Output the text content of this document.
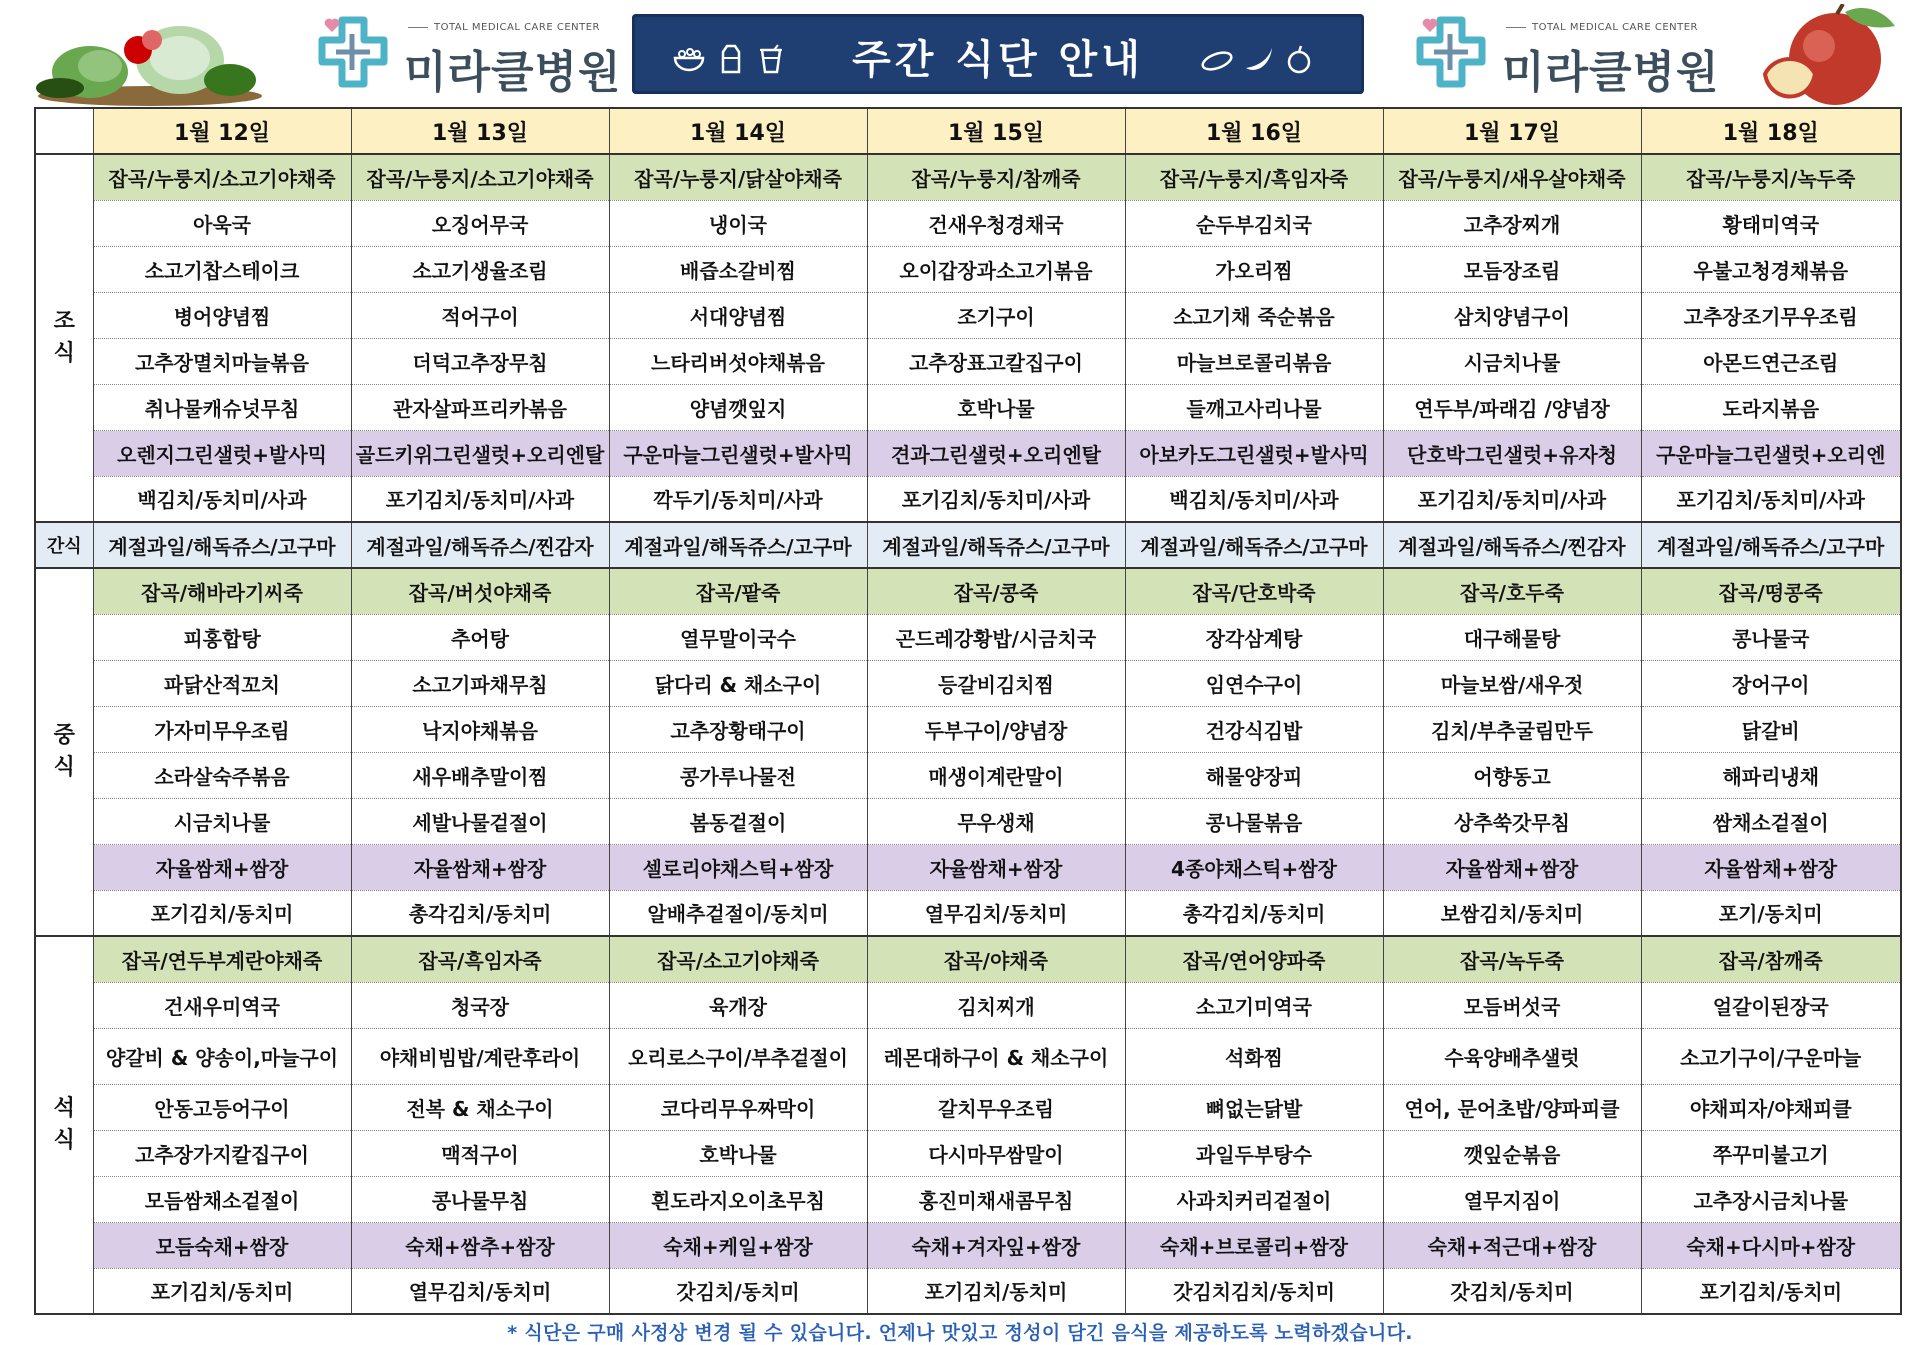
TOTAL MEDICAL CARE CENTER
미라클병원	주간 식단 안내
TOTAL MEDICAL CARE CENTER
미라클병원
	1월 12일	1월 13일	1월 14일	1월 15일	1월 16일	1월 17일	1월 18일
조
식	잡곡/누룽지/소고기야채죽	잡곡/누룽지/소고기야채죽	잡곡/누룽지/닭살야채죽	잡곡/누룽지/참깨죽	잡곡/누룽지/흑임자죽	잡곡/누룽지/새우살야채죽	잡곡/누룽지/녹두죽
	아욱국	오징어무국	냉이국	건새우청경채국	순두부김치국	고추장찌개	황태미역국
	소고기찹스테이크	소고기생율조림	배즙소갈비찜	오이갑장과소고기볶음	가오리찜	모듬장조림	우불고청경채볶음
	병어양념찜	적어구이	서대양념찜	조기구이	소고기채 죽순볶음	삼치양념구이	고추장조기무우조림
	고추장멸치마늘볶음	더덕고추장무침	느타리버섯야채볶음	고추장표고칼집구이	마늘브로콜리볶음	시금치나물	아몬드연근조림
	취나물캐슈넛무침	관자살파프리카볶음	양념깻잎지	호박나물	들깨고사리나물	연두부/파래김 /양념장	도라지볶음
	오렌지그린샐럿+발사믹	골드키위그린샐럿+오리엔탈	구운마늘그린샐럿+발사믹	견과그린샐럿+오리엔탈	아보카도그린샐럿+발사믹	단호박그린샐럿+유자청	구운마늘그린샐럿+오리엔
	백김치/동치미/사과	포기김치/동치미/사과	깍두기/동치미/사과	포기김치/동치미/사과	백김치/동치미/사과	포기김치/동치미/사과	포기김치/동치미/사과
간식	계절과일/해독쥬스/고구마	계절과일/해독쥬스/찐감자	계절과일/해독쥬스/고구마	계절과일/해독쥬스/고구마	계절과일/해독쥬스/고구마	계절과일/해독쥬스/찐감자	계절과일/해독쥬스/고구마
중
식	잡곡/해바라기씨죽	잡곡/버섯야채죽	잡곡/팥죽	잡곡/콩죽	잡곡/단호박죽	잡곡/호두죽	잡곡/떵콩죽
	피홍합탕	추어탕	열무말이국수	곤드레강황밥/시금치국	장각삼계탕	대구해물탕	콩나물국
	파닭산적꼬치	소고기파채무침	닭다리 & 채소구이	등갈비김치찜	임연수구이	마늘보쌈/새우젓	장어구이
	가자미무우조림	낙지야채볶음	고추장황태구이	두부구이/양념장	건강식김밥	김치/부추굴림만두	닭갈비
	소라살숙주볶음	새우배추말이찜	콩가루나물전	매생이계란말이	해물양장피	어향동고	해파리냉채
	시금치나물	세발나물겉절이	봄동겉절이	무우생채	콩나물볶음	상추쑥갓무침	쌈채소겉절이
	자율쌈채+쌈장	자율쌈채+쌈장	셀로리야채스틱+쌈장	자율쌈채+쌈장	4종야채스틱+쌈장	자율쌈채+쌈장	자율쌈채+쌈장
	포기김치/동치미	총각김치/동치미	알배추겉절이/동치미	열무김치/동치미	총각김치/동치미	보쌈김치/동치미	포기/동치미
석
식	잡곡/연두부계란야채죽	잡곡/흑임자죽	잡곡/소고기야채죽	잡곡/야채죽	잡곡/연어양파죽	잡곡/녹두죽	잡곡/참깨죽
	건새우미역국	청국장	육개장	김치찌개	소고기미역국	모듬버섯국	얼갈이된장국
	양갈비 & 양송이,마늘구이	야채비빔밥/계란후라이	오리로스구이/부추겉절이	레몬대하구이 & 채소구이	석화찜	수육양배추샐럿	소고기구이/구운마늘
	안동고등어구이	전복 & 채소구이	코다리무우짜막이	갈치무우조림	뼈없는닭발	연어, 문어초밥/양파피클	야채피자/야채피클
	고추장가지칼집구이	맥적구이	호박나물	다시마무쌈말이	과일두부탕수	깻잎순볶음	쭈꾸미불고기
	모듬쌈채소겉절이	콩나물무침	흰도라지오이초무침	홍진미채새콤무침	사과치커리겉절이	열무지짐이	고추장시금치나물
	모듬숙채+쌈장	숙채+쌈추+쌈장	숙채+케일+쌈장	숙채+겨자잎+쌈장	숙채+브로콜리+쌈장	숙채+적근대+쌈장	숙채+다시마+쌈장
	포기김치/동치미	열무김치/동치미	갓김치/동치미	포기김치/동치미	갓김치김치/동치미	갓김치/동치미	포기김치/동치미
* 식단은 구매 사정상 변경 될 수 있습니다. 언제나 맛있고 정성이 담긴 음식을 제공하도록 노력하겠습니다.
